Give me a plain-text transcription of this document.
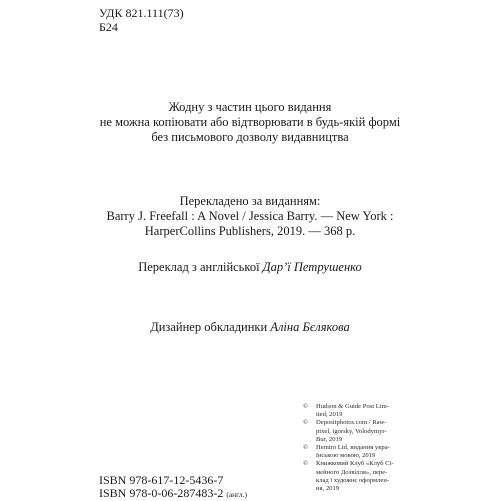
УДК 821.111(73)
Б24
Жодну з частин цього видання
не можна копіювати або відтворювати в будь-якій формі
без письмового дозволу видавництва
Перекладено за виданням:
Barry J. Freefall : A Novel / Jessica Barry. — New York :
HarperCollins Publishers, 2019. — 368 p.
Переклад з англійської Дар’ї Петрушенко
Дизайнер обкладинки Аліна Бєлякова
© Hudson & Guide Post Lim-
ited, 2019
© Depositphotos.com / Raw-
pixel, igorsky, Volodymyr-
Bur, 2019
© Hemiro Ltd, видання укра-
їнською мовою, 2019
© Книжковий Клуб «Клуб Сі-
мейного Дозвілля», пере-
клад і художнє оформлен-
ня, 2019
ISBN 978-617-12-5436-7
ISBN 978-0-06-287483-2 (англ.)
